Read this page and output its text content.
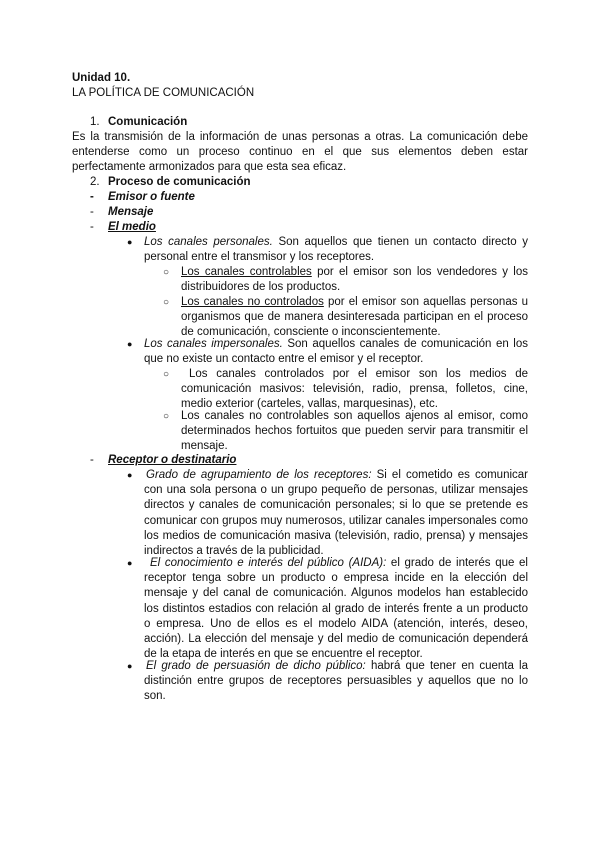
Unidad 10.
LA POLÍTICA DE COMUNICACIÓN
1. Comunicación
Es la transmisión de la información de unas personas a otras. La comunicación debe entenderse como un proceso continuo en el que sus elementos deben estar perfectamente armonizados para que esta sea eficaz.
2. Proceso de comunicación
- Emisor o fuente
- Mensaje
- El medio
● Los canales personales. Son aquellos que tienen un contacto directo y personal entre el transmisor y los receptores.
○ Los canales controlables por el emisor son los vendedores y los distribuidores de los productos.
○ Los canales no controlados por el emisor son aquellas personas u organismos que de manera desinteresada participan en el proceso de comunicación, consciente o inconscientemente.
● Los canales impersonales. Son aquellos canales de comunicación en los que no existe un contacto entre el emisor y el receptor.
○	Los canales controlados por el emisor son los medios de comunicación masivos: televisión, radio, prensa, folletos, cine, medio exterior (carteles, vallas, marquesinas), etc.
○ Los canales no controlables son aquellos ajenos al emisor, como determinados hechos fortuitos que pueden servir para transmitir el mensaje.
- Receptor o destinatario
● Grado de agrupamiento de los receptores: Si el cometido es comunicar con una sola persona o un grupo pequeño de personas, utilizar mensajes directos y canales de comunicación personales; si lo que se pretende es comunicar con grupos muy numerosos, utilizar canales impersonales como los medios de comunicación masiva (televisión, radio, prensa) y mensajes indirectos a través de la publicidad.
●	El conocimiento e interés del público (AIDA): el grado de interés que el receptor tenga sobre un producto o empresa incide en la elección del mensaje y del canal de comunicación. Algunos modelos han establecido los distintos estadios con relación al grado de interés frente a un producto o empresa. Uno de ellos es el modelo AIDA (atención, interés, deseo, acción). La elección del mensaje y del medio de comunicación dependerá de la etapa de interés en que se encuentre el receptor.
● El grado de persuasión de dicho público: habrá que tener en cuenta la distinción entre grupos de receptores persuasibles y aquellos que no lo son.
